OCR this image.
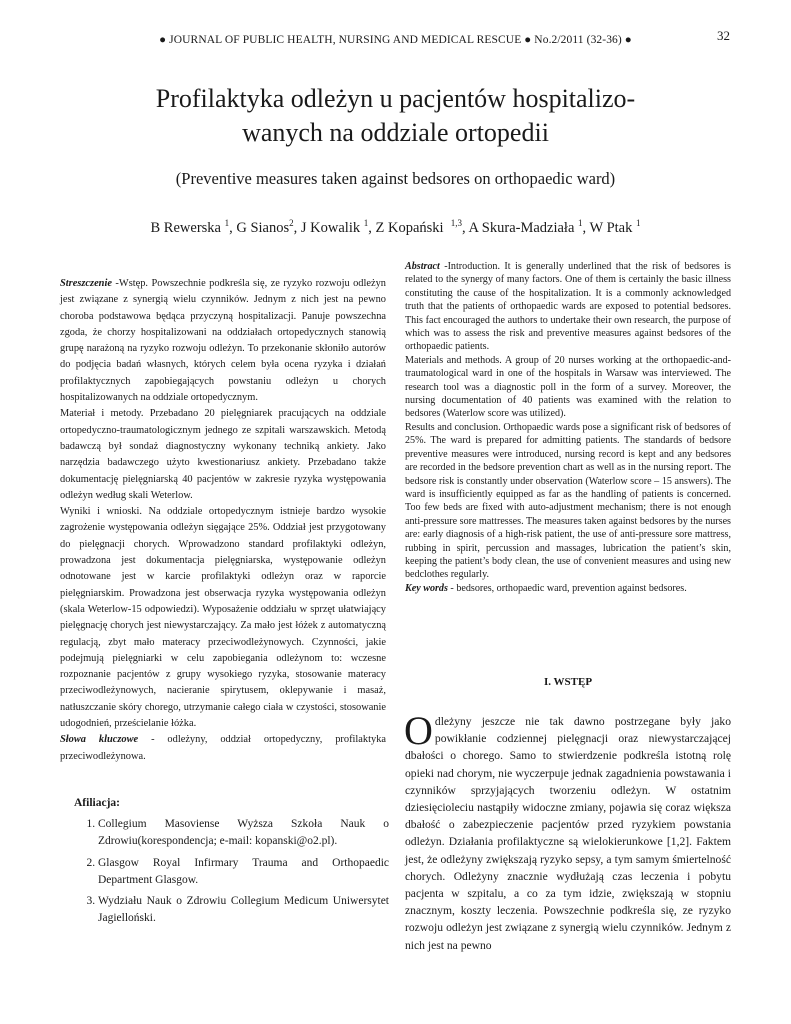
● JOURNAL OF PUBLIC HEALTH, NURSING AND MEDICAL RESCUE ● No.2/2011 (32-36) ●	32
Profilaktyka odleżyn u pacjentów hospitalizo-
wanych na oddziale ortopedii
(Preventive measures taken against bedsores on orthopaedic ward)
B Rewerska $^1$, G Sianos$^2$, J Kowalik $^1$, Z Kopański $^{1,3}$, A Skura-Madziała $^1$, W Ptak $^1$

Streszczenie -Wstęp. Powszechnie podkreśla się, ze ryzyko rozwoju odleżyn jest związane z synergią wielu czynników. Jednym z nich jest na pewno choroba podstawowa będąca przyczyną hospitalizacji. Panuje powszechna zgoda, że chorzy hospitalizowani na oddziałach ortopedycznych stanowią grupę narażoną na ryzyko rozwoju odleżyn. To przekonanie skłoniło autorów do podjęcia badań własnych, których celem była ocena ryzyka i działań profilaktycznych zapobiegających powstaniu odleżyn u chorych hospitalizowanych na oddziale ortopedycznym.

Materiał i metody. Przebadano 20 pielęgniarek pracujących na oddziale ortopedyczno-traumatologicznym jednego ze szpitali warszawskich. Metodą badawczą był sondaż diagnostyczny wykonany techniką ankiety. Jako narzędzia badawczego użyto kwestionariusz ankiety. Przebadano także dokumentację pielęgniarską 40 pacjentów w zakresie ryzyka występowania odleżyn według skali Weterlow.

Wyniki i wnioski. Na oddziale ortopedycznym istnieje bardzo wysokie zagrożenie występowania odleżyn sięgające 25%. Oddział jest przygotowany do pielęgnacji chorych. Wprowadzono standard profilaktyki odleżyn, prowadzona jest dokumentacja pielęgniarska, występowanie odleżyn odnotowane jest w karcie profilaktyki odleżyn oraz w raporcie pielęgniarskim. Prowadzona jest obserwacja ryzyka występowania odleżyn (skala Weterlow-15 odpowiedzi). Wyposażenie oddziału w sprzęt ułatwiający pielęgnację chorych jest niewystarczający. Za mało jest łóżek z automatyczną regulacją, zbyt mało materacy przeciwodleżynowych. Czynności, jakie podejmują pielęgniarki w celu zapobiegania odleżynom to: wczesne rozpoznanie pacjentów z grupy wysokiego ryzyka, stosowanie materacy przeciwodleżynowych, nacieranie spirytusem, oklepywanie i masaż, natłuszczanie skóry chorego, utrzymanie całego ciała w czystości, stosowanie udogodnień, prześcielanie łóżka.

Słowa kluczowe - odleżyny, oddział ortopedyczny, profilaktyka przeciwodleżynowa.

Afiliacja:
1. Collegium Masoviense Wyższa Szkoła Nauk o Zdrowiu(korespondencja; e-mail: kopanski@o2.pl).
2. Glasgow Royal Infirmary Trauma and Orthopaedic Department Glasgow.
3. Wydziału Nauk o Zdrowiu Collegium Medicum Uniwersytet Jagielloński.

Abstract -Introduction. It is generally underlined that the risk of bedsores is related to the synergy of many factors. One of them is certainly the basic illness constituting the cause of the hospitalization. It is a commonly acknowledged truth that the patients of orthopaedic wards are exposed to potential bedsores. This fact encouraged the authors to undertake their own research, the purpose of which was to assess the risk and preventive measures against bedsores of the orthopaedic patients.

Materials and methods. A group of 20 nurses working at the orthopaedic-and-traumatological ward in one of the hospitals in Warsaw was interviewed. The research tool was a diagnostic poll in the form of a survey. Moreover, the nursing documentation of 40 patients was examined with the relation to bedsores (Waterlow score was utilized).

Results and conclusion. Orthopaedic wards pose a significant risk of bedsores of 25%. The ward is prepared for admitting patients. The standards of bedsore preventive measures were introduced, nursing record is kept and any bedsores are recorded in the bedsore prevention chart as well as in the nursing report. The bedsore risk is constantly under observation (Waterlow score – 15 answers). The ward is insufficiently equipped as far as the handling of patients is concerned. Too few beds are fixed with auto-adjustment mechanism; there is not enough anti-pressure sore mattresses. The measures taken against bedsores by the nurses are: early diagnosis of a high-risk patient, the use of anti-pressure sore mattress, rubbing in spirit, percussion and massages, lubrication the patient’s skin, keeping the patient’s body clean, the use of convenient measures and using new bedclothes regularly.

Key words - bedsores, orthopaedic ward, prevention against bedsores.

I. WSTĘP
Odleżyny jeszcze nie tak dawno postrzegane były jako powikłanie codziennej pielęgnacji oraz niewystarczającej dbałości o chorego. Samo to stwierdzenie podkreśla istotną rolę opieki nad chorym, nie wyczerpuje jednak zagadnienia powstawania i czynników sprzyjających tworzeniu odleżyn. W ostatnim dziesięcioleciu nastąpiły widoczne zmiany, pojawia się coraz większa dbałość o zabezpieczenie pacjentów przed ryzykiem powstania odleżyn. Działania profilaktyczne są wielokierunkowe [1,2]. Faktem jest, że odleżyny zwiększają ryzyko sepsy, a tym samym śmiertelność chorych. Odleżyny znacznie wydłużają czas leczenia i pobytu pacjenta w szpitalu, a co za tym idzie, zwiększają w stopniu znacznym, koszty leczenia. Powszechnie podkreśla się, ze ryzyko rozwoju odleżyn jest związane z synergią wielu czynników. Jednym z nich jest na pewno
